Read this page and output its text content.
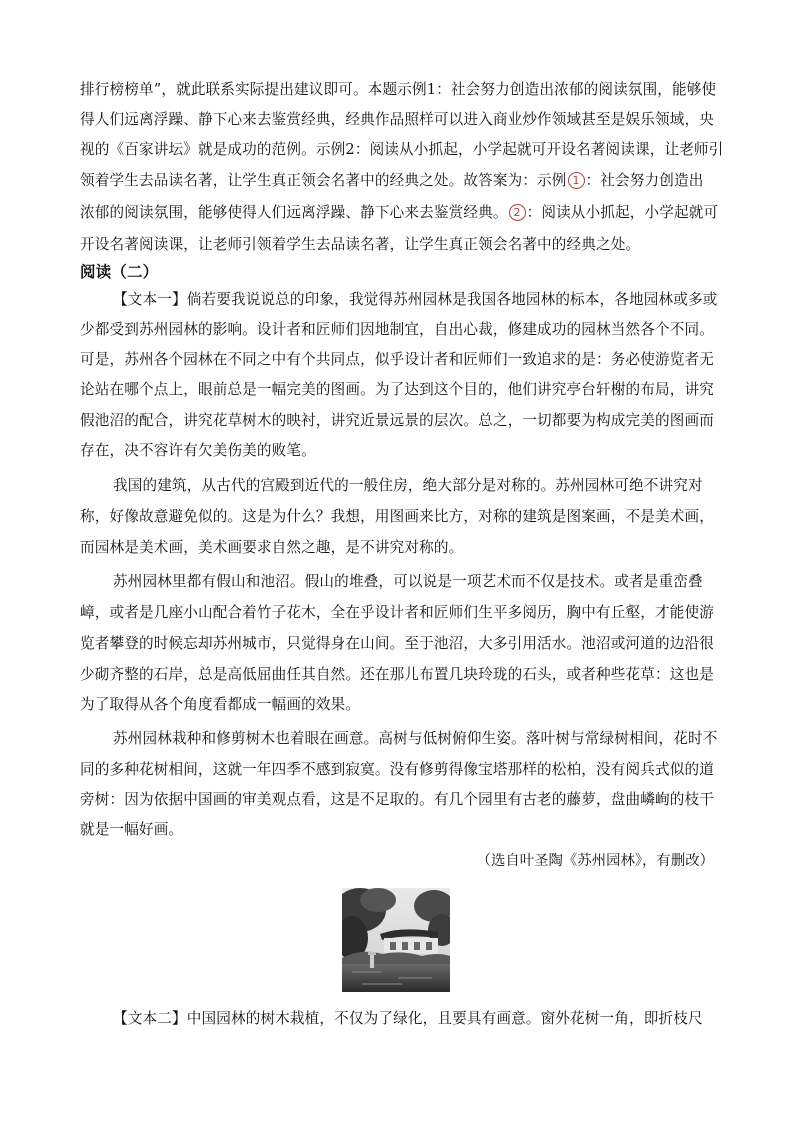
排行榜榜单”，就此联系实际提出建议即可。本题示例1：社会努力创造出浓郁的阅读氛围，能够使
得人们远离浮躁、静下心来去鉴赏经典，经典作品照样可以进入商业炒作领域甚至是娱乐领域，央
视的《百家讲坛》就是成功的范例。示例2：阅读从小抓起，小学起就可开设名著阅读课，让老师引
领着学生去品读名著，让学生真正领会名著中的经典之处。故答案为：示例 1 ：社会努力创造出
浓郁的阅读氛围，能够使得人们远离浮躁、静下心来去鉴赏经典。 2 ：阅读从小抓起，小学起就可
开设名著阅读课，让老师引领着学生去品读名著，让学生真正领会名著中的经典之处。
阅读（二）
【文本一】倘若要我说说总的印象，我觉得苏州园林是我国各地园林的标本，各地园林或多或
少都受到苏州园林的影响。设计者和匠师们因地制宜，自出心裁，修建成功的园林当然各个不同。
可是，苏州各个园林在不同之中有个共同点，似乎设计者和匠师们一致追求的是：务必使游览者无
论站在哪个点上，眼前总是一幅完美的图画。为了达到这个目的，他们讲究亭台轩榭的布局，讲究
假池沼的配合，讲究花草树木的映衬，讲究近景远景的层次。总之，一切都要为构成完美的图画而
存在，决不容许有欠美伤美的败笔。
我国的建筑，从古代的宫殿到近代的一般住房，绝大部分是对称的。苏州园林可绝不讲究对
称，好像故意避免似的。这是为什么？我想，用图画来比方，对称的建筑是图案画，不是美术画，
而园林是美术画，美术画要求自然之趣，是不讲究对称的。
苏州园林里都有假山和池沼。假山的堆叠，可以说是一项艺术而不仅是技术。或者是重峦叠
嶂，或者是几座小山配合着竹子花木，全在乎设计者和匠师们生平多阅历，胸中有丘壑，才能使游
览者攀登的时候忘却苏州城市，只觉得身在山间。至于池沼，大多引用活水。池沼或河道的边沿很
少砌齐整的石岸，总是高低屈曲任其自然。还在那儿布置几块玲珑的石头，或者种些花草：这也是
为了取得从各个角度看都成一幅画的效果。
苏州园林栽种和修剪树木也着眼在画意。高树与低树俯仰生姿。落叶树与常绿树相间，花时不
同的多种花树相间，这就一年四季不感到寂寞。没有修剪得像宝塔那样的松柏，没有阅兵式似的道
旁树：因为依据中国画的审美观点看，这是不足取的。有几个园里有古老的藤萝，盘曲嶙峋的枝干
就是一幅好画。
（选自叶圣陶《苏州园林》，有删改）
【文本二】中国园林的树木栽植，不仅为了绿化，且要具有画意。窗外花树一角，即折枝尺
